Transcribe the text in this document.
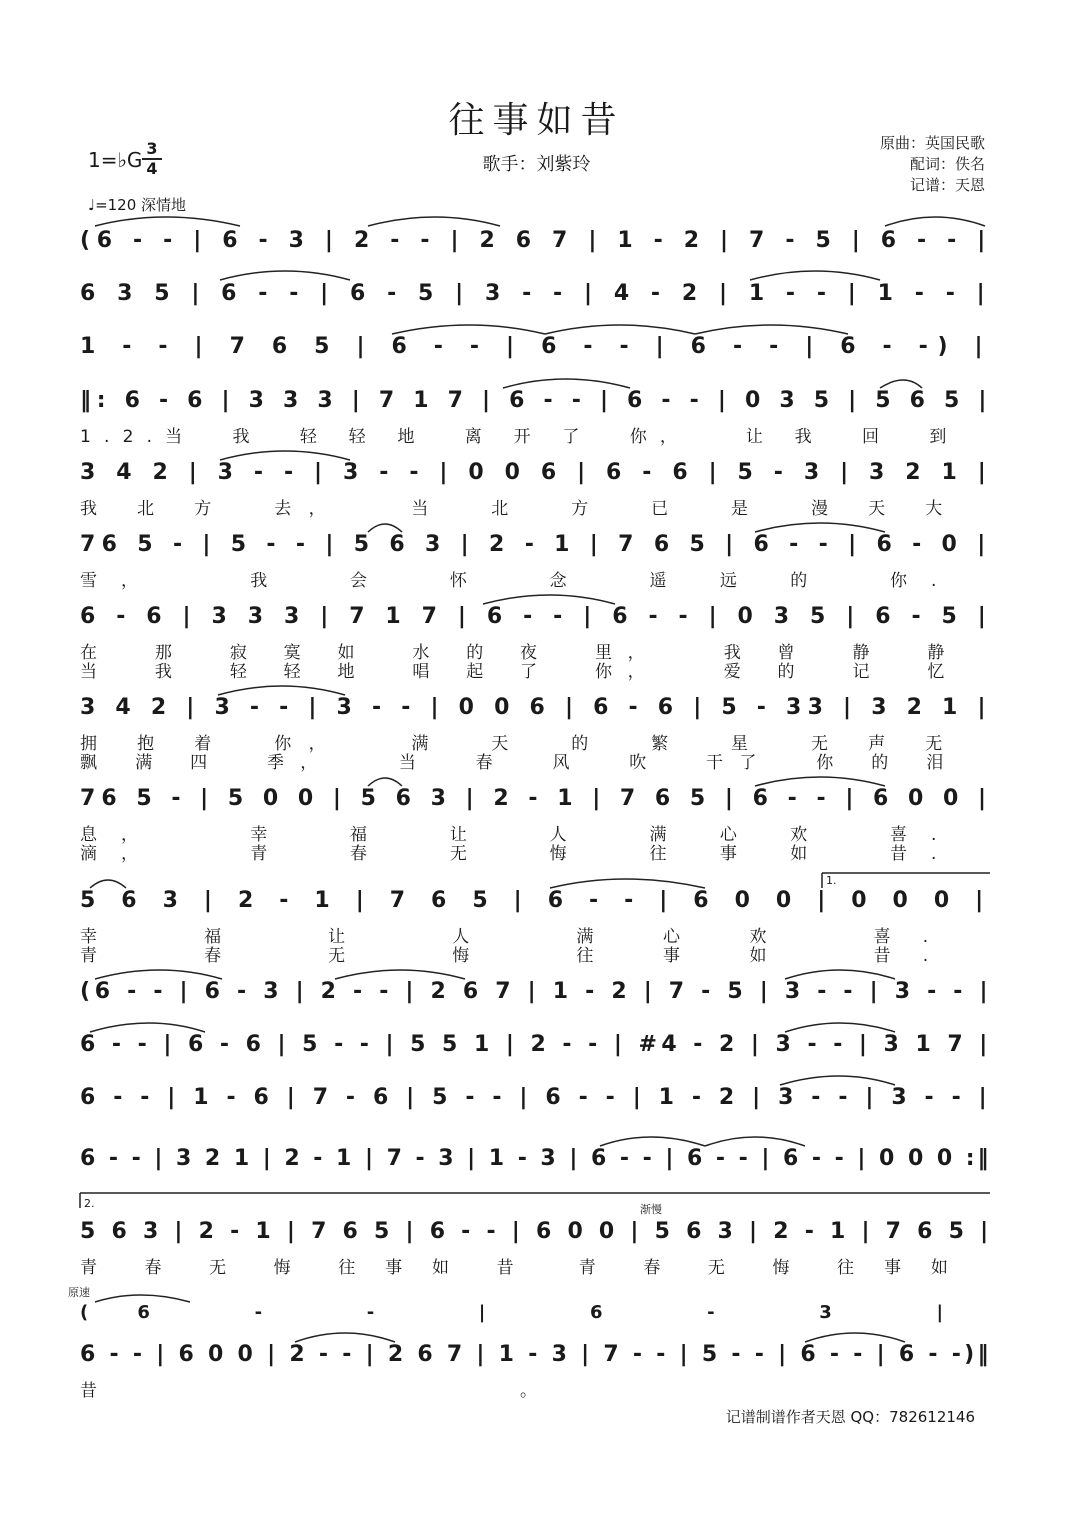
往事如昔
歌手：刘紫玲
1=♭G 3
4
♩=120 深情地
原曲：英国民歌
配词：佚名
记谱：天恩
(6 - - | 6 - 3 | 2 - - | 2 6 7 | 1 - 2 | 7 - 5 | 6 - - |
6 3 5 | 6 - - | 6 - 5 | 3 - - | 4 - 2 | 1 - - | 1 - - |
1 - - | 7 6 5 | 6 - - | 6 - - | 6 - - | 6 - -) |
‖: 6 - 6 | 3 3 3 | 7 1 7 | 6 - - | 6 - - | 0 3 5 | 5 6 5 |
1.2.当  我  轻 轻 地  离 开 了  你，   让 我  回  到
3 4 2 | 3 - - | 3 - - | 0 0 6 | 6 - 6 | 5 - 3 | 3 2 1 |
我 北 方  去，   当  北  方  已  是  漫 天 大
76 5 - | 5 - - | 5 6 3 | 2 - 1 | 7 6 5 | 6 - - | 6 - 0 |
雪，   我  会  怀  念  遥 远 的  你.
6 - 6 | 3 3 3 | 7 1 7 | 6 - - | 6 - - | 0 3 5 | 6 - 5 |
在  那  寂 寞 如  水 的 夜  里，   我 曾  静  静
当  我  轻 轻 地  唱 起 了  你，   爱 的  记  忆
3 4 2 | 3 - - | 3 - - | 0 0 6 | 6 - 6 | 5 - 33 | 3 2 1 |
拥 抱 着  你，   满  天  的  繁  星  无 声 无
飘 满 四  季，   当  春  风  吹  干了  你 的 泪
76 5 - | 5 0 0 | 5 6 3 | 2 - 1 | 7 6 5 | 6 - - | 6 0 0 |
息，   幸  福  让  人  满 心 欢  喜.
滴，   青  春  无  悔  往 事 如  昔.
1.
5 6 3 | 2 - 1 | 7 6 5 | 6 - - | 6 0 0 | 0 0 0 |
幸  福  让  人  满 心 欢  喜.
青  春  无  悔  往 事 如  昔.
(6 - - | 6 - 3 | 2 - - | 2 6 7 | 1 - 2 | 7 - 5 | 3 - - | 3 - - |
6 - - | 6 - 6 | 5 - - | 5 5 1 | 2 - - | #4 - 2 | 3 - - | 3 1 7 |
6 - - | 1 - 6 | 7 - 6 | 5 - - | 6 - - | 1 - 2 | 3 - - | 3 - - |
6 - - | 3 2 1 | 2 - 1 | 7 - 3 | 1 - 3 | 6 - - | 6 - - | 6 - - | 0 0 0 :‖
2.	渐慢
5 6 3 | 2 - 1 | 7 6 5 | 6 - - | 6 0 0 | 5 6 3 | 2 - 1 | 7 6 5 |
青  春  无  悔  往 事 如  昔   青  春  无  悔  往 事 如
原速
(6 - - | 6 - 3 |
6 - - | 6 0 0 | 2 - - | 2 6 7 | 1 - 3 | 7 - - | 5 - - | 6 - - | 6 - -)‖
昔。
记谱制谱作者天恩 QQ：782612146
